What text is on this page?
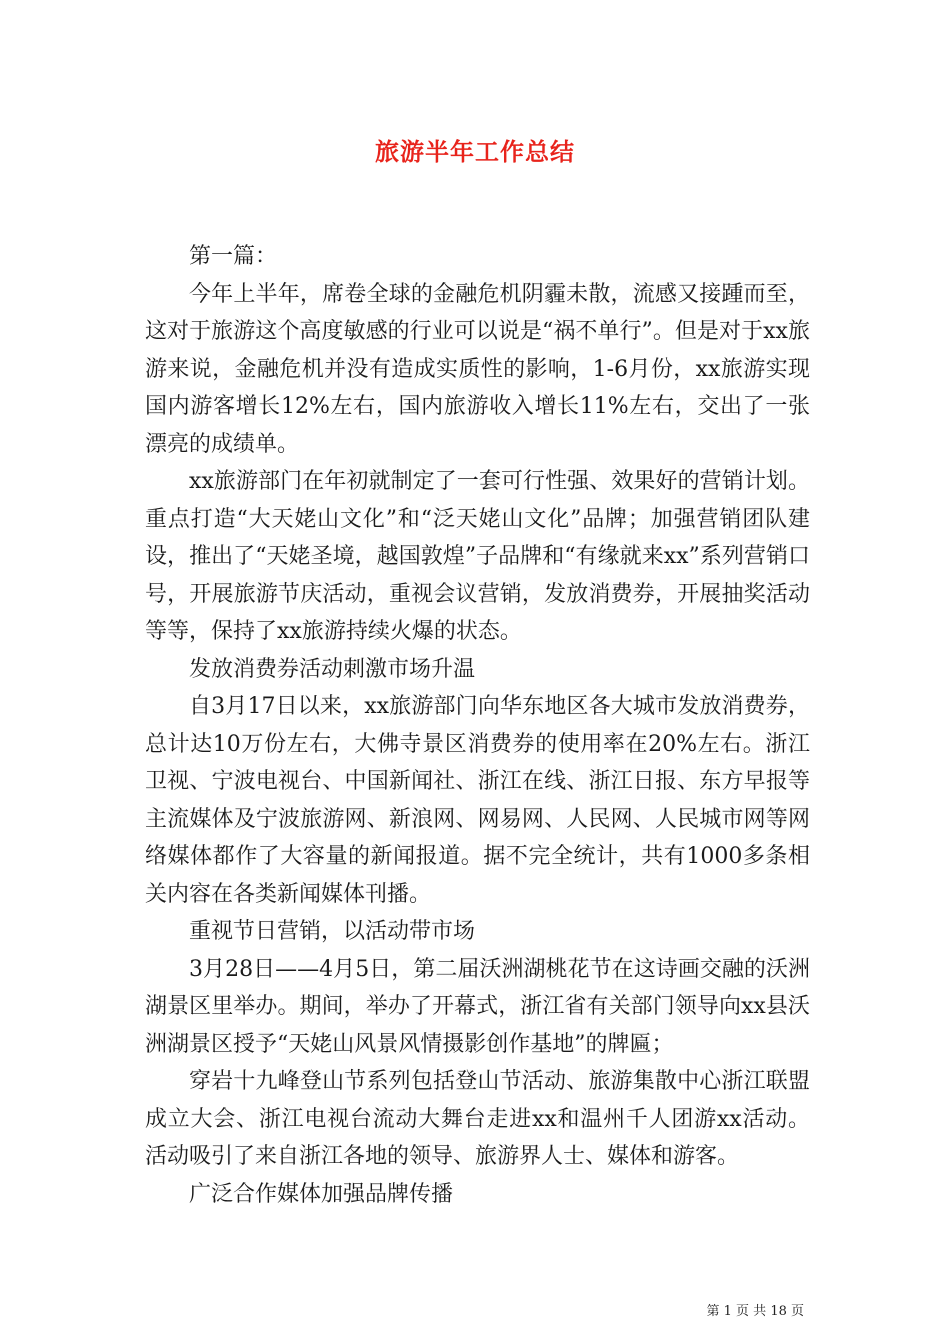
旅游半年工作总结

第一篇：

今年上半年，席卷全球的金融危机阴霾未散，流感又接踵而至，这对于旅游这个高度敏感的行业可以说是“祸不单行”。但是对于xx旅游来说，金融危机并没有造成实质性的影响，1-6月份，xx旅游实现国内游客增长12%左右，国内旅游收入增长11%左右，交出了一张漂亮的成绩单。

xx旅游部门在年初就制定了一套可行性强、效果好的营销计划。重点打造“大天姥山文化”和“泛天姥山文化”品牌；加强营销团队建设，推出了“天姥圣境，越国敦煌”子品牌和“有缘就来xx”系列营销口号，开展旅游节庆活动，重视会议营销，发放消费券，开展抽奖活动等等，保持了xx旅游持续火爆的状态。

发放消费券活动刺激市场升温

自3月17日以来，xx旅游部门向华东地区各大城市发放消费券，总计达10万份左右，大佛寺景区消费券的使用率在20%左右。浙江卫视、宁波电视台、中国新闻社、浙江在线、浙江日报、东方早报等主流媒体及宁波旅游网、新浪网、网易网、人民网、人民城市网等网络媒体都作了大容量的新闻报道。据不完全统计，共有1000多条相关内容在各类新闻媒体刊播。

重视节日营销，以活动带市场

3月28日——4月5日，第二届沃洲湖桃花节在这诗画交融的沃洲湖景区里举办。期间，举办了开幕式，浙江省有关部门领导向xx县沃洲湖景区授予“天姥山风景风情摄影创作基地”的牌匾；

穿岩十九峰登山节系列包括登山节活动、旅游集散中心浙江联盟成立大会、浙江电视台流动大舞台走进xx和温州千人团游xx活动。活动吸引了来自浙江各地的领导、旅游界人士、媒体和游客。

广泛合作媒体加强品牌传播

第 1 页 共 18 页
